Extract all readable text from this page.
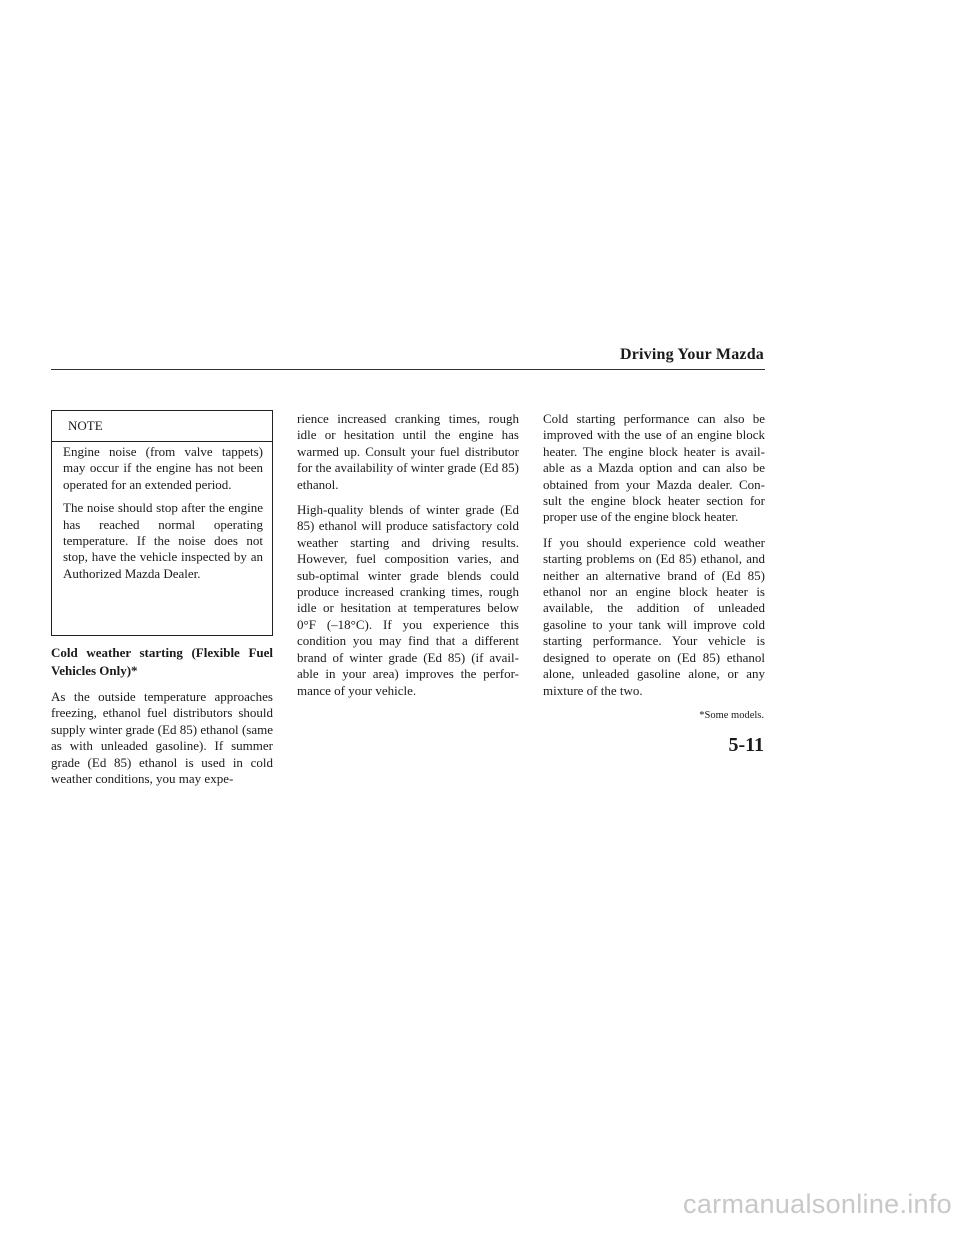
Driving Your Mazda
NOTE

Engine noise (from valve tappets) may occur if the engine has not been operated for an extended period.

The noise should stop after the engine has reached normal operating temperature. If the noise does not stop, have the vehicle inspected by an Authorized Mazda Dealer.

Cold weather starting (Flexible Fuel Vehicles Only)*

As the outside temperature approaches freezing, ethanol fuel distributors should supply winter grade (Ed 85) ethanol (same as with unleaded gasoline). If summer grade (Ed 85) ethanol is used in cold weather conditions, you may expe-

rience increased cranking times, rough idle or hesitation until the engine has warmed up. Consult your fuel distributor for the availability of winter grade (Ed 85) ethanol.

High-quality blends of winter grade (Ed 85) ethanol will produce satisfactory cold weather starting and driving results. However, fuel composition varies, and sub-optimal winter grade blends could produce increased cranking times, rough idle or hesitation at temperatures below 0°F (–18°C). If you experience this condition you may find that a different brand of winter grade (Ed 85) (if avail- able in your area) improves the perfor- mance of your vehicle.

Cold starting performance can also be improved with the use of an engine block heater. The engine block heater is avail- able as a Mazda option and can also be obtained from your Mazda dealer. Con- sult the engine block heater section for proper use of the engine block heater.

If you should experience cold weather starting problems on (Ed 85) ethanol, and neither an alternative brand of (Ed 85) ethanol nor an engine block heater is available, the addition of unleaded gasoline to your tank will improve cold starting performance. Your vehicle is designed to operate on (Ed 85) ethanol alone, unleaded gasoline alone, or any mixture of the two.

*Some models.
5-11
carmanualsonline.info
